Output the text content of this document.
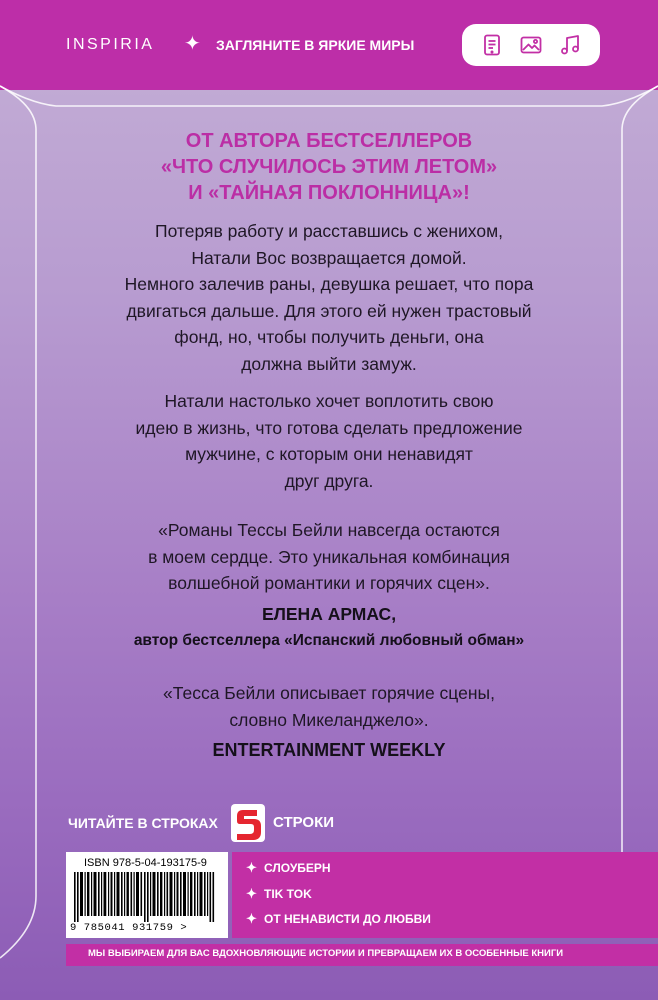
INSPIRIA ✦ ЗАГЛЯНИТЕ В ЯРКИЕ МИРЫ
ОТ АВТОРА БЕСТСЕЛЛЕРОВ
«ЧТО СЛУЧИЛОСЬ ЭТИМ ЛЕТОМ»
И «ТАЙНАЯ ПОКЛОННИЦА»!
Потеряв работу и расставшись с женихом,
Натали Вос возвращается домой.
Немного залечив раны, девушка решает, что пора
двигаться дальше. Для этого ей нужен трастовый
фонд, но, чтобы получить деньги, она
должна выйти замуж.
Натали настолько хочет воплотить свою
идею в жизнь, что готова сделать предложение
мужчине, с которым они ненавидят
друг друга.
«Романы Тессы Бейли навсегда остаются
в моем сердце. Это уникальная комбинация
волшебной романтики и горячих сцен».
ЕЛЕНА АРМАС,
автор бестселлера «Испанский любовный обман»
«Тесса Бейли описывает горячие сцены,
словно Микеланджело».
ENTERTAINMENT WEEKLY
ЧИТАЙТЕ В СТРОКАХ	СТРОКИ
ISBN 978-5-04-193175-9
9 785041 931759 >
✦ СЛОУБЕРН
✦ TIK TOK
✦ ОТ НЕНАВИСТИ ДО ЛЮБВИ
МЫ ВЫБИРАЕМ ДЛЯ ВАС ВДОХНОВЛЯЮЩИЕ ИСТОРИИ И ПРЕВРАЩАЕМ ИХ В ОСОБЕННЫЕ КНИГИ
